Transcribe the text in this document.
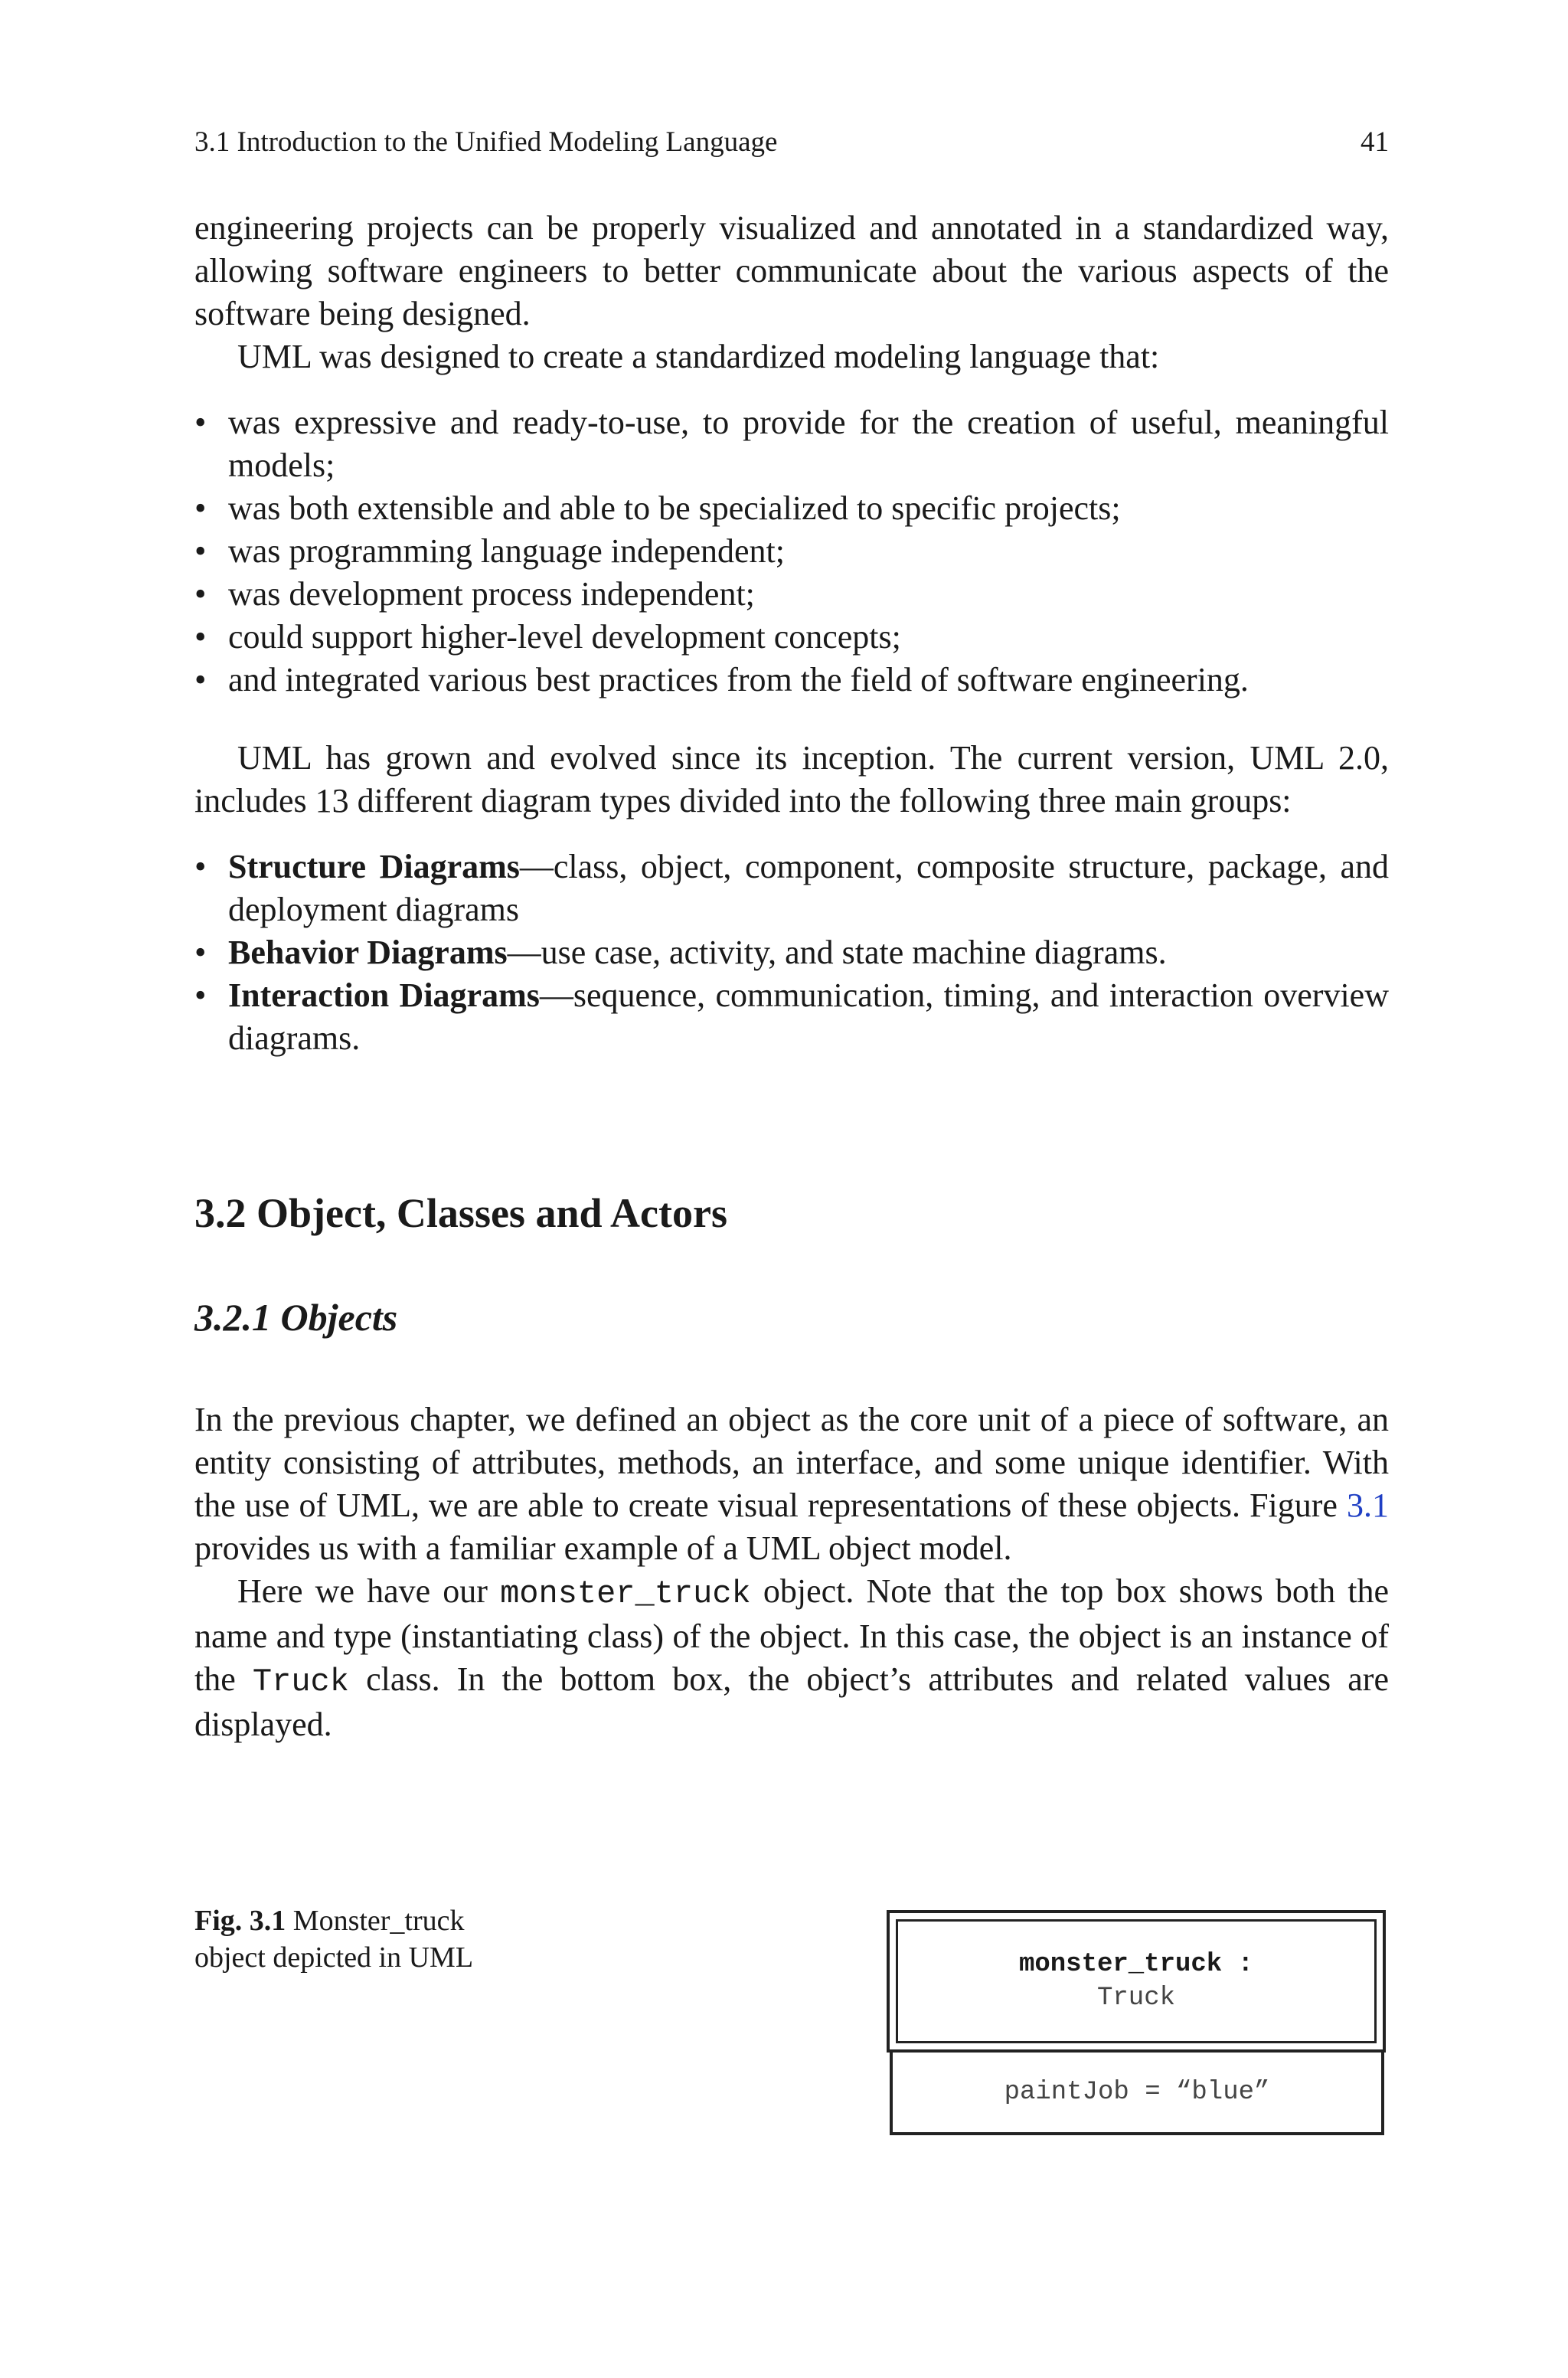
3.1 Introduction to the Unified Modeling Language	41

engineering projects can be properly visualized and annotated in a standardized way, allowing software engineers to better communicate about the various aspects of the software being designed.

UML was designed to create a standardized modeling language that:

• was expressive and ready-to-use, to provide for the creation of useful, meaningful models;
• was both extensible and able to be specialized to specific projects;
• was programming language independent;
• was development process independent;
• could support higher-level development concepts;
• and integrated various best practices from the field of software engineering.

UML has grown and evolved since its inception. The current version, UML 2.0, includes 13 different diagram types divided into the following three main groups:

• Structure Diagrams—class, object, component, composite structure, package, and deployment diagrams
• Behavior Diagrams—use case, activity, and state machine diagrams.
• Interaction Diagrams—sequence, communication, timing, and interaction overview diagrams.
3.2 Object, Classes and Actors
3.2.1 Objects

In the previous chapter, we defined an object as the core unit of a piece of software, an entity consisting of attributes, methods, an interface, and some unique identifier. With the use of UML, we are able to create visual representations of these objects. Figure 3.1 provides us with a familiar example of a UML object model.

Here we have our monster_truck object. Note that the top box shows both the name and type (instantiating class) of the object. In this case, the object is an instance of the Truck class. In the bottom box, the object’s attributes and related values are displayed.

Fig. 3.1 Monster_truck
object depicted in UML	monster_truck :
Truck
paintJob = “blue”
